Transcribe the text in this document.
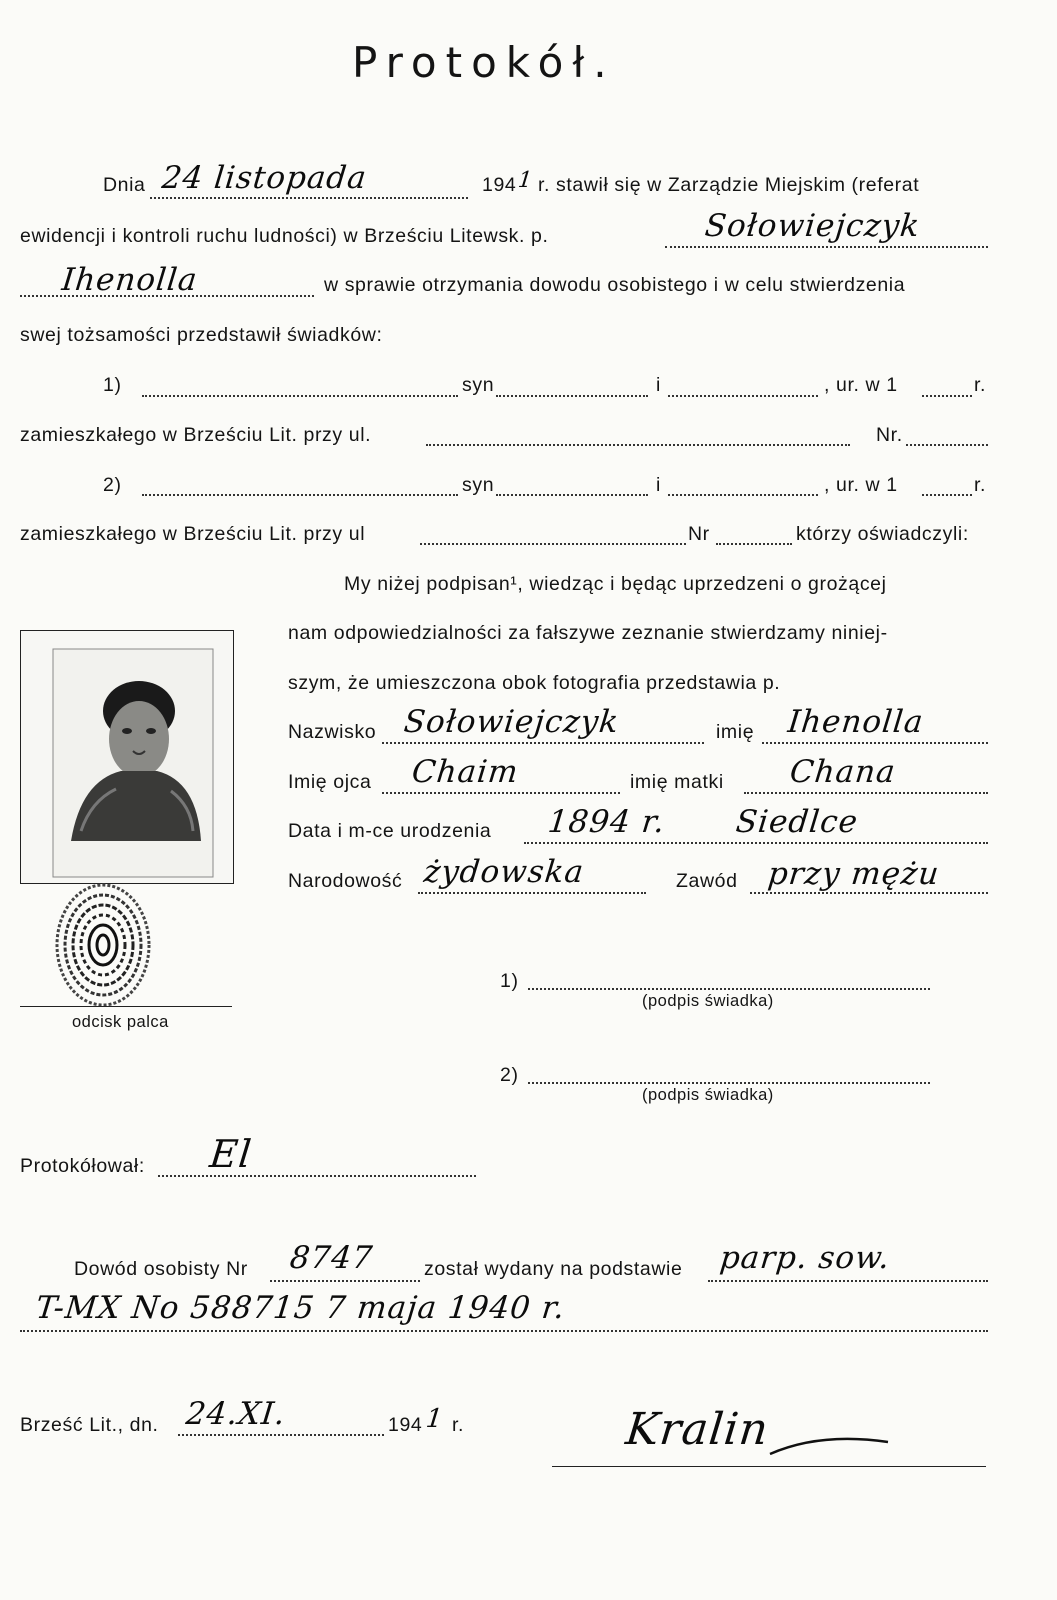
Protokół.
Dnia 24 listopada	194 1 r. stawił się w Zarządzie Miejskim (referat
ewidencji i kontroli ruchu ludności) w Brześciu Litewsk. p.	Sołowiejczyk
Ihenolla	w sprawie otrzymania dowodu osobistego i w celu stwierdzenia
swej tożsamości przedstawił świadków:
1)	syn	i	, ur. w 1	r.
zamieszkałego w Brześciu Lit. przy ul.	Nr.
2)	syn	i	, ur. w 1	r.
zamieszkałego w Brześciu Lit. przy ul	Nr	którzy oświadczyli:
My niżej podpisan¹, wiedząc i będąc uprzedzeni o grożącej
nam odpowiedzialności za fałszywe zeznanie stwierdzamy niniej-
szym, że umieszczona obok fotografia przedstawia p.
odcisk palca
Nazwisko Sołowiejczyk	imię Ihenolla
Imię ojca Chaim	imię matki Chana
Data i m-ce urodzenia 1894 r. Siedlce
Narodowość żydowska	Zawód przy mężu
1)
(podpis świadka)
2)
(podpis świadka)
Protokółował: El
Dowód osobisty Nr 8747	został wydany na podstawie parp. sow.
T-MX No 588715 7 maja 1940 r.
Brześć Lit., dn. 24.XI.	194 1 r.	Kralin
